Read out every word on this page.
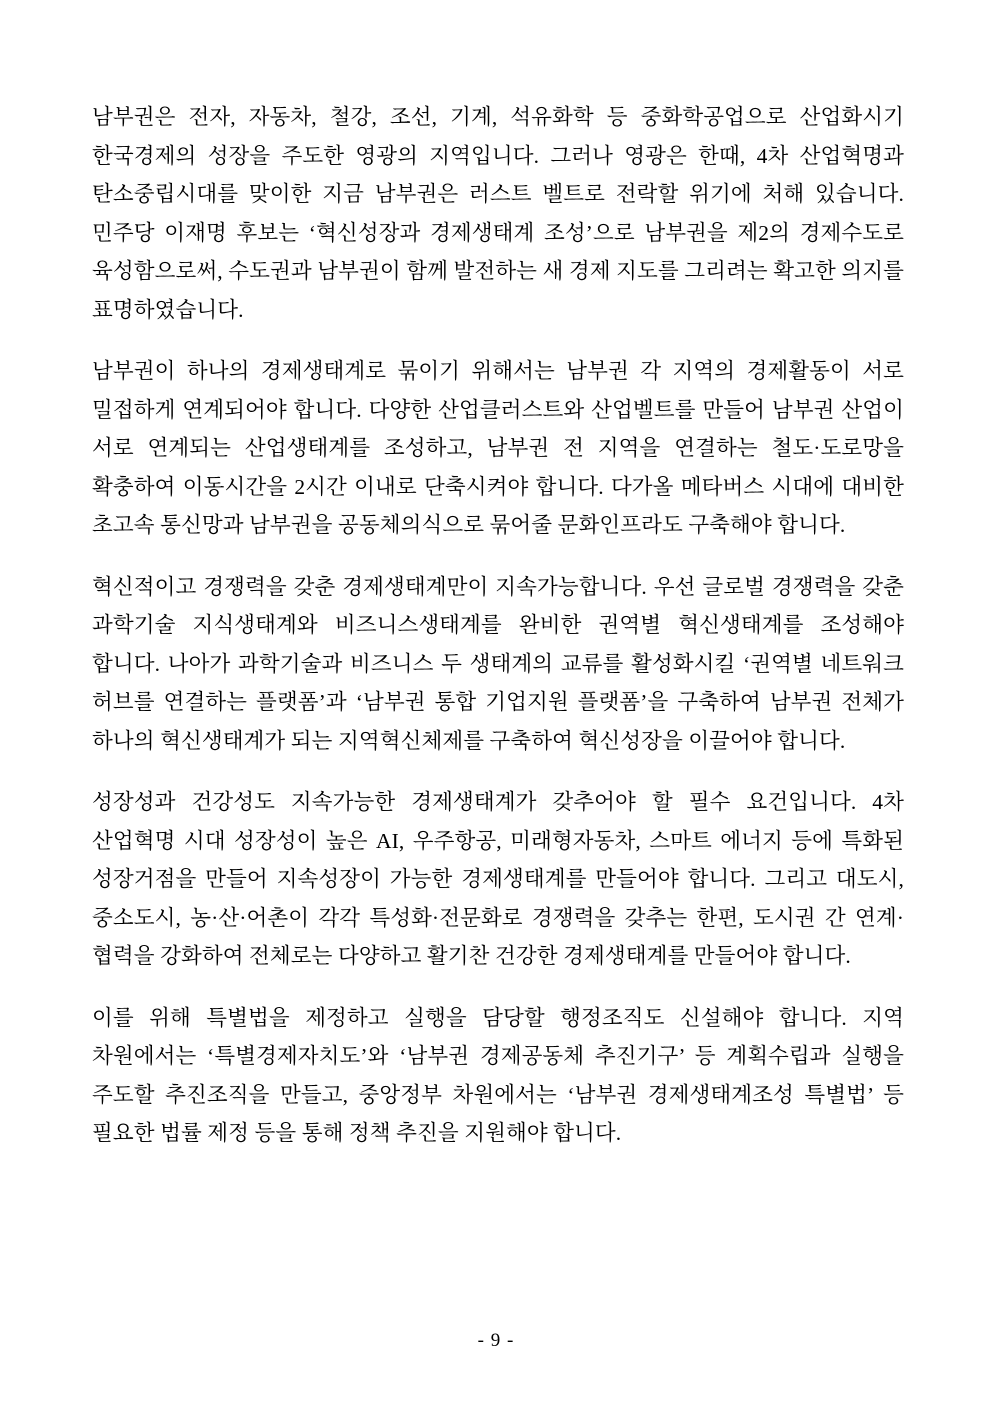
남부권은 전자, 자동차, 철강, 조선, 기계, 석유화학 등 중화학공업으로 산업화시기 한국경제의 성장을 주도한 영광의 지역입니다. 그러나 영광은 한때, 4차 산업혁명과 탄소중립시대를 맞이한 지금 남부권은 러스트 벨트로 전락할 위기에 처해 있습니다. 민주당 이재명 후보는 ‘혁신성장과 경제생태계 조성’으로 남부권을 제2의 경제수도로 육성함으로써, 수도권과 남부권이 함께 발전하는 새 경제 지도를 그리려는 확고한 의지를 표명하였습니다.

남부권이 하나의 경제생태계로 묶이기 위해서는 남부권 각 지역의 경제활동이 서로 밀접하게 연계되어야 합니다. 다양한 산업클러스트와 산업벨트를 만들어 남부권 산업이 서로 연계되는 산업생태계를 조성하고, 남부권 전 지역을 연결하는 철도·도로망을 확충하여 이동시간을 2시간 이내로 단축시켜야 합니다. 다가올 메타버스 시대에 대비한 초고속 통신망과 남부권을 공동체의식으로 묶어줄 문화인프라도 구축해야 합니다.

혁신적이고 경쟁력을 갖춘 경제생태계만이 지속가능합니다. 우선 글로벌 경쟁력을 갖춘 과학기술 지식생태계와 비즈니스생태계를 완비한 권역별 혁신생태계를 조성해야 합니다. 나아가 과학기술과 비즈니스 두 생태계의 교류를 활성화시킬 ‘권역별 네트워크 허브를 연결하는 플랫폼’과 ‘남부권 통합 기업지원 플랫폼’을 구축하여 남부권 전체가 하나의 혁신생태계가 되는 지역혁신체제를 구축하여 혁신성장을 이끌어야 합니다.

성장성과 건강성도 지속가능한 경제생태계가 갖추어야 할 필수 요건입니다. 4차 산업혁명 시대 성장성이 높은 AI, 우주항공, 미래형자동차, 스마트 에너지 등에 특화된 성장거점을 만들어 지속성장이 가능한 경제생태계를 만들어야 합니다. 그리고 대도시, 중소도시, 농·산·어촌이 각각 특성화·전문화로 경쟁력을 갖추는 한편, 도시권 간 연계·협력을 강화하여 전체로는 다양하고 활기찬 건강한 경제생태계를 만들어야 합니다.

이를 위해 특별법을 제정하고 실행을 담당할 행정조직도 신설해야 합니다. 지역 차원에서는 ‘특별경제자치도’와 ‘남부권 경제공동체 추진기구’ 등 계획수립과 실행을 주도할 추진조직을 만들고, 중앙정부 차원에서는 ‘남부권 경제생태계조성 특별법’ 등 필요한 법률 제정 등을 통해 정책 추진을 지원해야 합니다.

- 9 -
